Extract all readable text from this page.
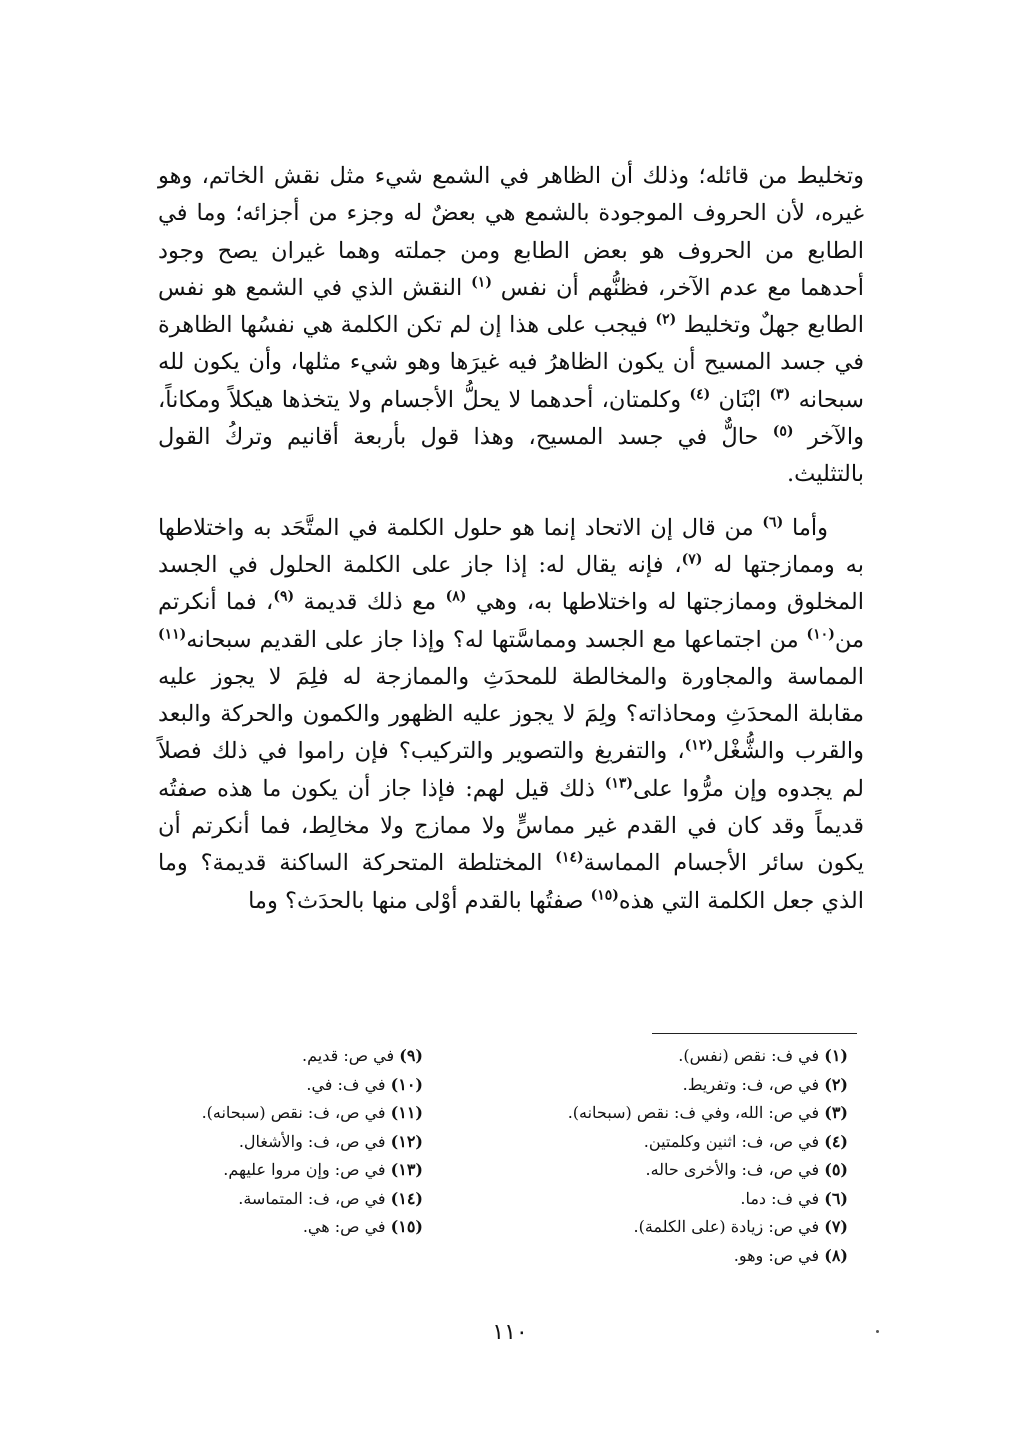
وتخليط من قائله؛ وذلك أن الظاهر في الشمع شيء مثل نقش الخاتم، وهو غيره، لأن الحروف الموجودة بالشمع هي بعضٌ له وجزء من أجزائه؛ وما في الطابع من الحروف هو بعض الطابع ومن جملته وهما غيران يصح وجود أحدهما مع عدم الآخر، فظنُّهم أن نفس $^{(١)}$ النقش الذي في الشمع هو نفس الطابع جهلٌ وتخليط $^{(٢)}$ فيجب على هذا إن لم تكن الكلمة هي نفسُها الظاهرة في جسد المسيح أن يكون الظاهرُ فيه غيرَها وهو شيء مثلها، وأن يكون لله سبحانه $^{(٣)}$ ابْنَان $^{(٤)}$ وكلمتان، أحدهما لا يحلُّ الأجسام ولا يتخذها هيكلاً ومكاناً، والآخر $^{(٥)}$ حالٌّ في جسد المسيح، وهذا قول بأربعة أقانيم وتركُ القول بالتثليث.

وأما $^{(٦)}$ من قال إن الاتحاد إنما هو حلول الكلمة في المتَّحَد به واختلاطها به وممازجتها له $^{(٧)}$، فإنه يقال له: إذا جاز على الكلمة الحلول في الجسد المخلوق وممازجتها له واختلاطها به، وهي $^{(٨)}$ مع ذلك قديمة $^{(٩)}$، فما أنكرتم من$^{(١٠)}$ من اجتماعها مع الجسد ومماسَّتها له؟ وإذا جاز على القديم سبحانه$^{(١١)}$ المماسة والمجاورة والمخالطة للمحدَثِ والممازجة له فلِمَ لا يجوز عليه مقابلة المحدَثِ ومحاذاته؟ ولِمَ لا يجوز عليه الظهور والكمون والحركة والبعد والقرب والشُّغْل$^{(١٢)}$، والتفريغ والتصوير والتركيب؟ فإن راموا في ذلك فصلاً لم يجدوه وإن مرُّوا على$^{(١٣)}$ ذلك قيل لهم: فإذا جاز أن يكون ما هذه صفتُه قديماً وقد كان في القدم غير مماسٍّ ولا ممازج ولا مخالِط، فما أنكرتم أن يكون سائر الأجسام المماسة$^{(١٤)}$ المختلطة المتحركة الساكنة قديمة؟ وما الذي جعل الكلمة التي هذه$^{(١٥)}$ صفتُها بالقدم أوْلى منها بالحدَث؟ وما

(١) في ف: نقص (نفس).
(٢) في ص، ف: وتفريط.
(٣) في ص: الله، وفي ف: نقص (سبحانه).
(٤) في ص، ف: اثنين وكلمتين.
(٥) في ص، ف: والأخرى حاله.
(٦) في ف: دما.
(٧) في ص: زيادة (على الكلمة).
(٨) في ص: وهو.
(٩) في ص: قديم.
(١٠) في ف: في.
(١١) في ص، ف: نقص (سبحانه).
(١٢) في ص، ف: والأشغال.
(١٣) في ص: وإن مروا عليهم.
(١٤) في ص، ف: المتماسة.
(١٥) في ص: هي.
١١٠
